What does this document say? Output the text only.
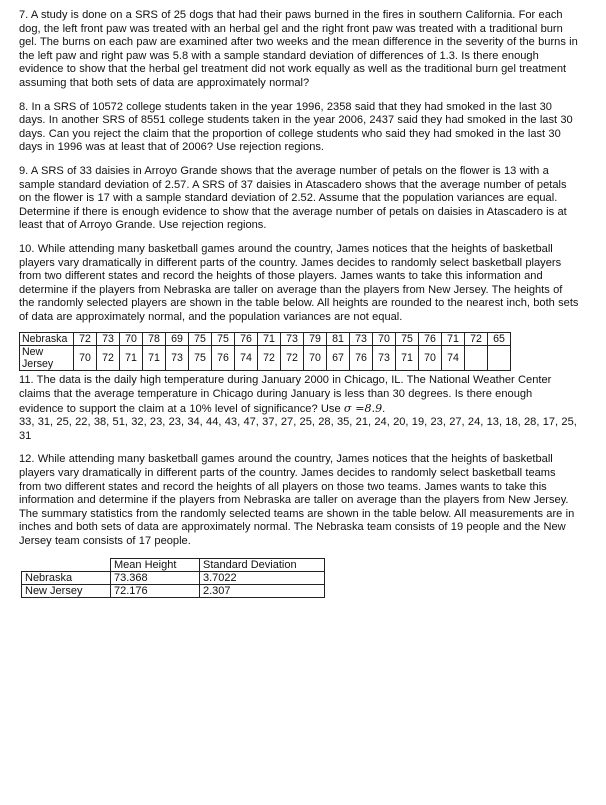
7. A study is done on a SRS of 25 dogs that had their paws burned in the fires in southern California. For each dog, the left front paw was treated with an herbal gel and the right front paw was treated with a traditional burn gel. The burns on each paw are examined after two weeks and the mean difference in the severity of the burns in the left paw and right paw was 5.8 with a sample standard deviation of differences of 1.3. Is there enough evidence to show that the herbal gel treatment did not work equally as well as the traditional burn gel treatment assuming that both sets of data are approximately normal?

8. In a SRS of 10572 college students taken in the year 1996, 2358 said that they had smoked in the last 30 days. In another SRS of 8551 college students taken in the year 2006, 2437 said they had smoked in the last 30 days. Can you reject the claim that the proportion of college students who said they had smoked in the last 30 days in 1996 was at least that of 2006? Use rejection regions.

9. A SRS of 33 daisies in Arroyo Grande shows that the average number of petals on the flower is 13 with a sample standard deviation of 2.57. A SRS of 37 daisies in Atascadero shows that the average number of petals on the flower is 17 with a sample standard deviation of 2.52. Assume that the population variances are equal. Determine if there is enough evidence to show that the average number of petals on daisies in Atascadero is at least that of Arroyo Grande. Use rejection regions.

10. While attending many basketball games around the country, James notices that the heights of basketball players vary dramatically in different parts of the country. James decides to randomly select basketball players from two different states and record the heights of those players. James wants to take this information and determine if the players from Nebraska are taller on average than the players from New Jersey. The heights of the randomly selected players are shown in the table below. All heights are rounded to the nearest inch, both sets of data are approximately normal, and the population variances are not equal.

Nebraska	72	73	70	78	69	75	75	76	71	73	79	81	73	70	75	76	71	72	65
New Jersey	70	72	71	71	73	75	76	74	72	72	70	67	76	73	71	70	74		

11. The data is the daily high temperature during January 2000 in Chicago, IL. The National Weather Center claims that the average temperature in Chicago during January is less than 30 degrees. Is there enough evidence to support the claim at a 10% level of significance? Use σ =8.9.
33, 31, 25, 22, 38, 51, 32, 23, 23, 34, 44, 43, 47, 37, 27, 25, 28, 35, 21, 24, 20, 19, 23, 27, 24, 13, 18, 28, 17, 25, 31

12. While attending many basketball games around the country, James notices that the heights of basketball players vary dramatically in different parts of the country. James decides to randomly select basketball teams from two different states and record the heights of all players on those two teams. James wants to take this information and determine if the players from Nebraska are taller on average than the players from New Jersey. The summary statistics from the randomly selected teams are shown in the table below. All measurements are in inches and both sets of data are approximately normal. The Nebraska team consists of 19 people and the New Jersey team consists of 17 people.

	Mean Height	Standard Deviation
Nebraska	73.368	3.7022
New Jersey	72.176	2.307
